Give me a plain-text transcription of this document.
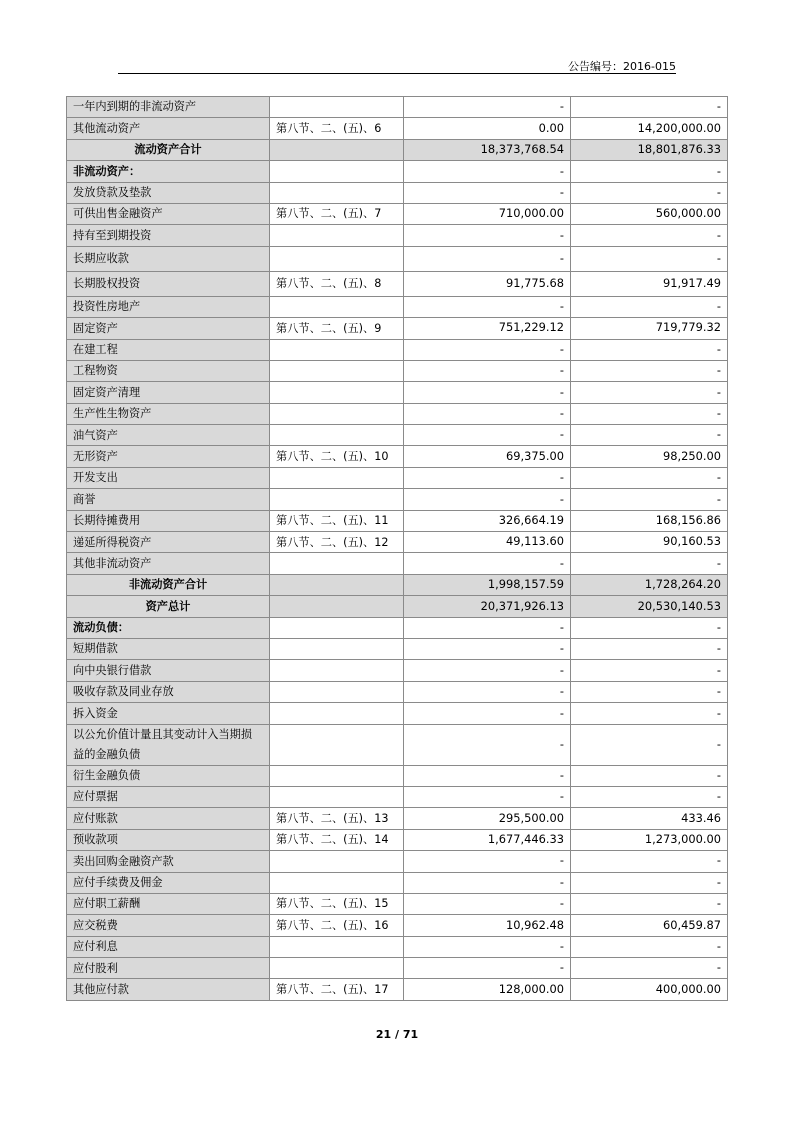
公告编号：2016-015
一年内到期的非流动资产		-	-
其他流动资产	第八节、二、(五)、6	0.00	14,200,000.00
流动资产合计		18,373,768.54	18,801,876.33
非流动资产：		-	-
发放贷款及垫款		-	-
可供出售金融资产	第八节、二、(五)、7	710,000.00	560,000.00
持有至到期投资		-	-
长期应收款		-	-
长期股权投资	第八节、二、(五)、8	91,775.68	91,917.49
投资性房地产		-	-
固定资产	第八节、二、(五)、9	751,229.12	719,779.32
在建工程		-	-
工程物资		-	-
固定资产清理		-	-
生产性生物资产		-	-
油气资产		-	-
无形资产	第八节、二、(五)、10	69,375.00	98,250.00
开发支出		-	-
商誉		-	-
长期待摊费用	第八节、二、(五)、11	326,664.19	168,156.86
递延所得税资产	第八节、二、(五)、12	49,113.60	90,160.53
其他非流动资产		-	-
非流动资产合计		1,998,157.59	1,728,264.20
资产总计		20,371,926.13	20,530,140.53
流动负债：		-	-
短期借款		-	-
向中央银行借款		-	-
吸收存款及同业存放		-	-
拆入资金		-	-
以公允价值计量且其变动计入当期损益的金融负债		-	-
衍生金融负债		-	-
应付票据		-	-
应付账款	第八节、二、(五)、13	295,500.00	433.46
预收款项	第八节、二、(五)、14	1,677,446.33	1,273,000.00
卖出回购金融资产款		-	-
应付手续费及佣金		-	-
应付职工薪酬	第八节、二、(五)、15	-	-
应交税费	第八节、二、(五)、16	10,962.48	60,459.87
应付利息		-	-
应付股利		-	-
其他应付款	第八节、二、(五)、17	128,000.00	400,000.00
21 / 71
